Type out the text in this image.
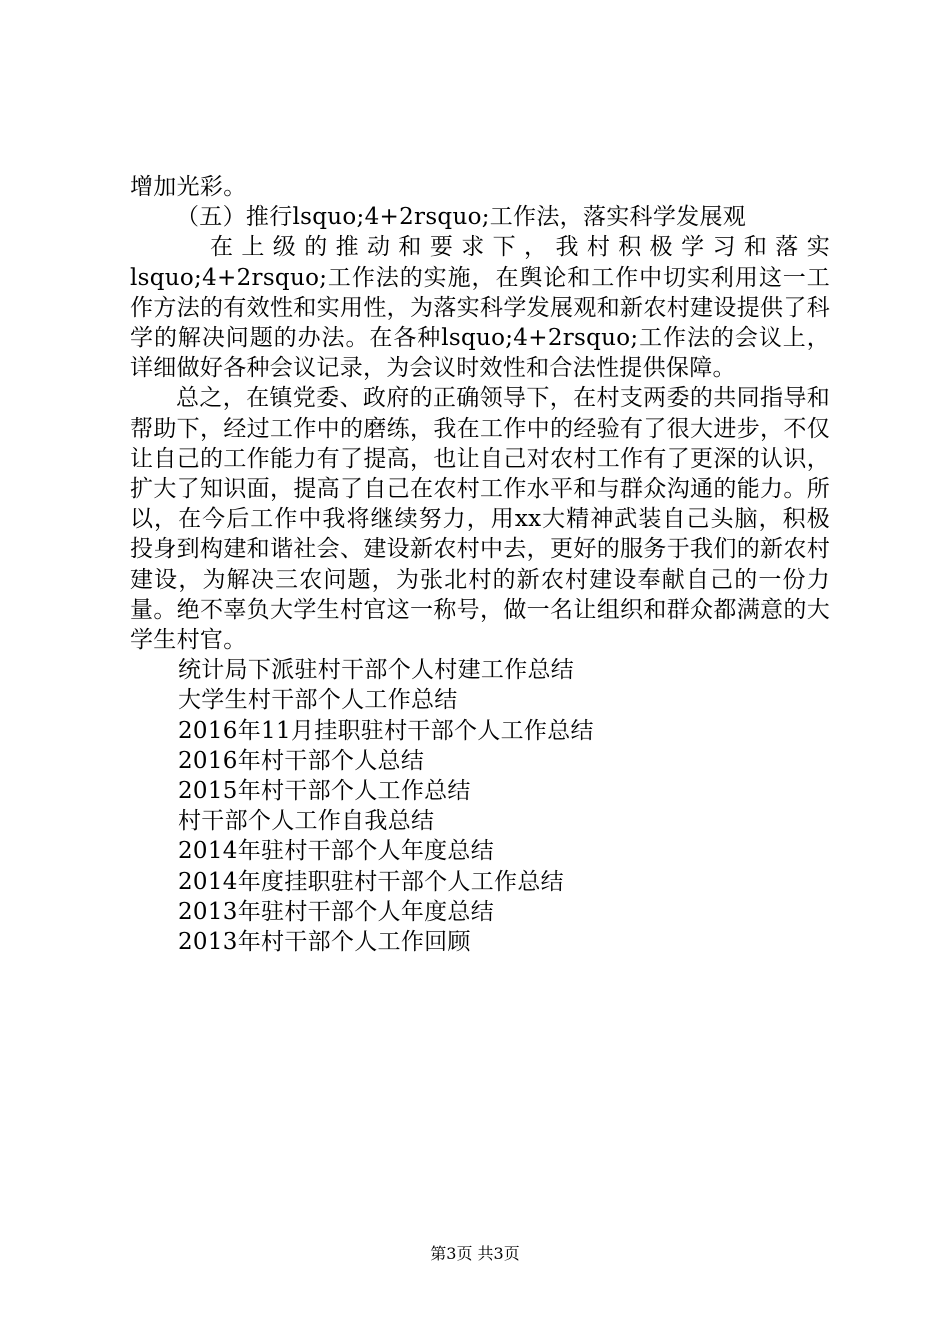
增加光彩。

（五）推行lsquo;4+2rsquo;工作法，落实科学发展观

在上级的推动和要求下，我村积极学习和落实lsquo;4+2rsquo;工作法的实施，在舆论和工作中切实利用这一工作方法的有效性和实用性，为落实科学发展观和新农村建设提供了科学的解决问题的办法。在各种lsquo;4+2rsquo;工作法的会议上，详细做好各种会议记录，为会议时效性和合法性提供保障。

总之，在镇党委、政府的正确领导下，在村支两委的共同指导和帮助下，经过工作中的磨练，我在工作中的经验有了很大进步，不仅让自己的工作能力有了提高，也让自己对农村工作有了更深的认识，扩大了知识面，提高了自己在农村工作水平和与群众沟通的能力。所以，在今后工作中我将继续努力，用xx大精神武装自己头脑，积极投身到构建和谐社会、建设新农村中去，更好的服务于我们的新农村建设，为解决三农问题，为张北村的新农村建设奉献自己的一份力量。绝不辜负大学生村官这一称号，做一名让组织和群众都满意的大学生村官。

统计局下派驻村干部个人村建工作总结
大学生村干部个人工作总结
2016年11月挂职驻村干部个人工作总结
2016年村干部个人总结
2015年村干部个人工作总结
村干部个人工作自我总结
2014年驻村干部个人年度总结
2014年度挂职驻村干部个人工作总结
2013年驻村干部个人年度总结
2013年村干部个人工作回顾
第3页 共3页
